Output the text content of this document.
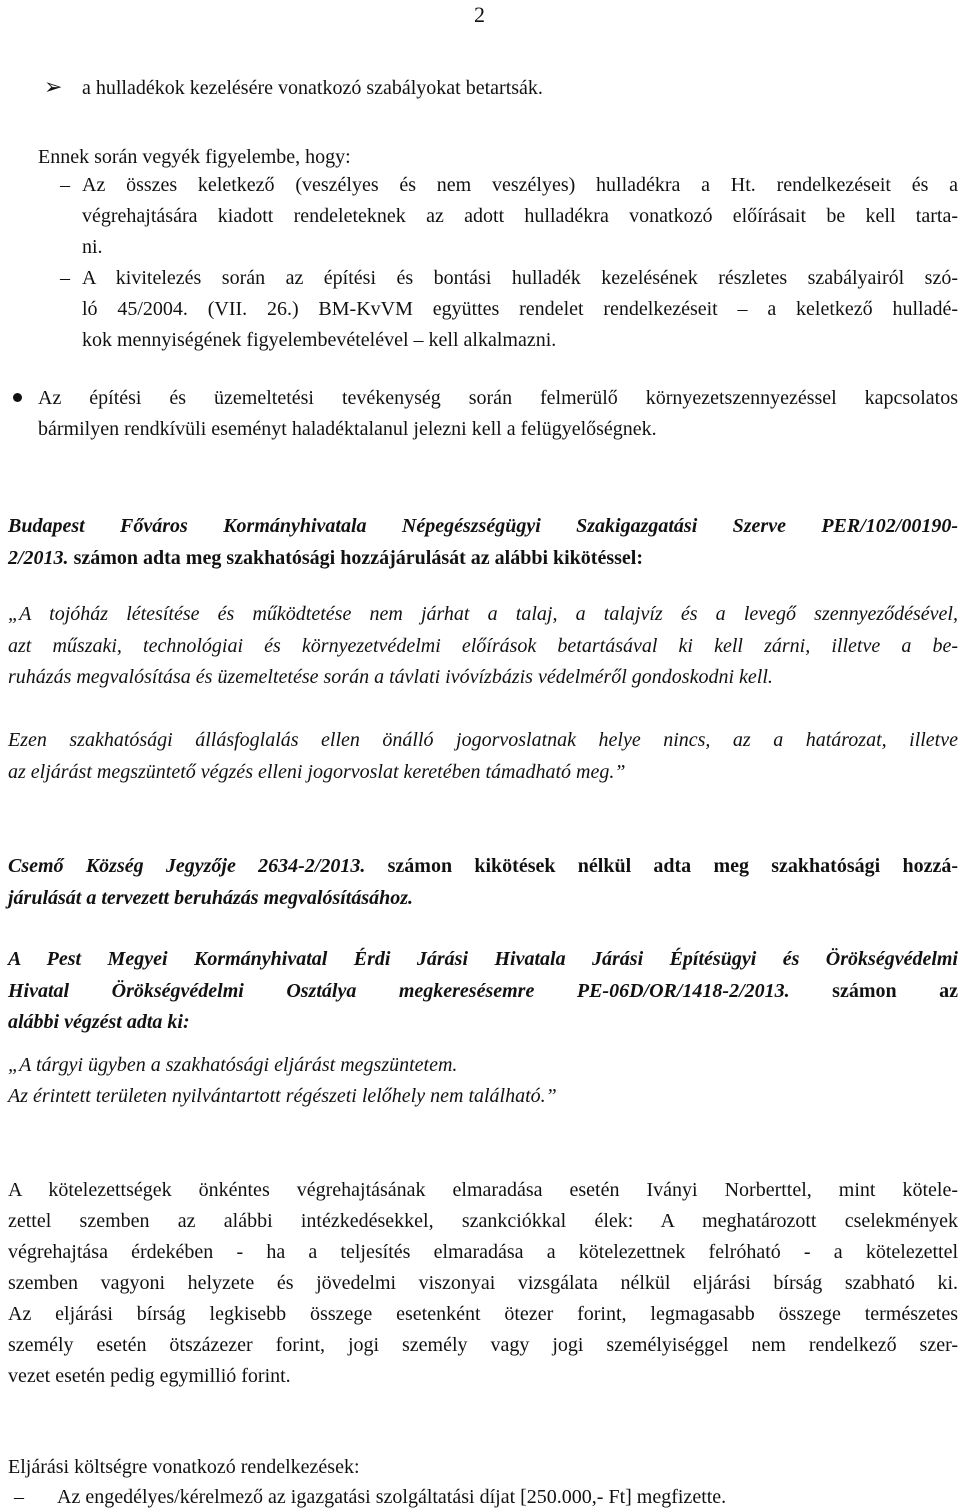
2
➢ a hulladékok kezelésére vonatkozó szabályokat betartsák.
Ennek során vegyék figyelembe, hogy:
– Az összes keletkező (veszélyes és nem veszélyes) hulladékra a Ht. rendelkezéseit és a
végrehajtására kiadott rendeleteknek az adott hulladékra vonatkozó előírásait be kell tarta-
ni.
– A kivitelezés során az építési és bontási hulladék kezelésének részletes szabályairól szó-
ló 45/2004. (VII. 26.) BM-KvVM együttes rendelet rendelkezéseit – a keletkező hulladé-
kok mennyiségének figyelembevételével – kell alkalmazni.
Az építési és üzemeltetési tevékenység során felmerülő környezetszennyezéssel kapcsolatos
bármilyen rendkívüli eseményt haladéktalanul jelezni kell a felügyelőségnek.
Budapest Főváros Kormányhivatala Népegészségügyi Szakigazgatási Szerve PER/102/00190-
2/2013. számon adta meg szakhatósági hozzájárulását az alábbi kikötéssel:
„A tojóház létesítése és működtetése nem járhat a talaj, a talajvíz és a levegő szennyeződésével,
azt műszaki, technológiai és környezetvédelmi előírások betartásával ki kell zárni, illetve a be-
ruházás megvalósítása és üzemeltetése során a távlati ivóvízbázis védelméről gondoskodni kell.
Ezen szakhatósági állásfoglalás ellen önálló jogorvoslatnak helye nincs, az a határozat, illetve
az eljárást megszüntető végzés elleni jogorvoslat keretében támadható meg.”
Csemő Község Jegyzője 2634-2/2013. számon kikötések nélkül adta meg szakhatósági hozzá-
járulását a tervezett beruházás megvalósításához.
A Pest Megyei Kormányhivatal Érdi Járási Hivatala Járási Építésügyi és Örökségvédelmi
Hivatal Örökségvédelmi Osztálya megkeresésemre PE-06D/OR/1418-2/2013. számon az
alábbi végzést adta ki:
„A tárgyi ügyben a szakhatósági eljárást megszüntetem.
Az érintett területen nyilvántartott régészeti lelőhely nem található.”
A kötelezettségek önkéntes végrehajtásának elmaradása esetén Iványi Norberttel, mint kötele-
zettel szemben az alábbi intézkedésekkel, szankciókkal élek: A meghatározott cselekmények
végrehajtása érdekében - ha a teljesítés elmaradása a kötelezettnek felróható - a kötelezettel
szemben vagyoni helyzete és jövedelmi viszonyai vizsgálata nélkül eljárási bírság szabható ki.
Az eljárási bírság legkisebb összege esetenként ötezer forint, legmagasabb összege természetes
személy esetén ötszázezer forint, jogi személy vagy jogi személyiséggel nem rendelkező szer-
vezet esetén pedig egymillió forint.
Eljárási költségre vonatkozó rendelkezések:
– Az engedélyes/kérelmező az igazgatási szolgáltatási díjat [250.000,- Ft] megfizette.
